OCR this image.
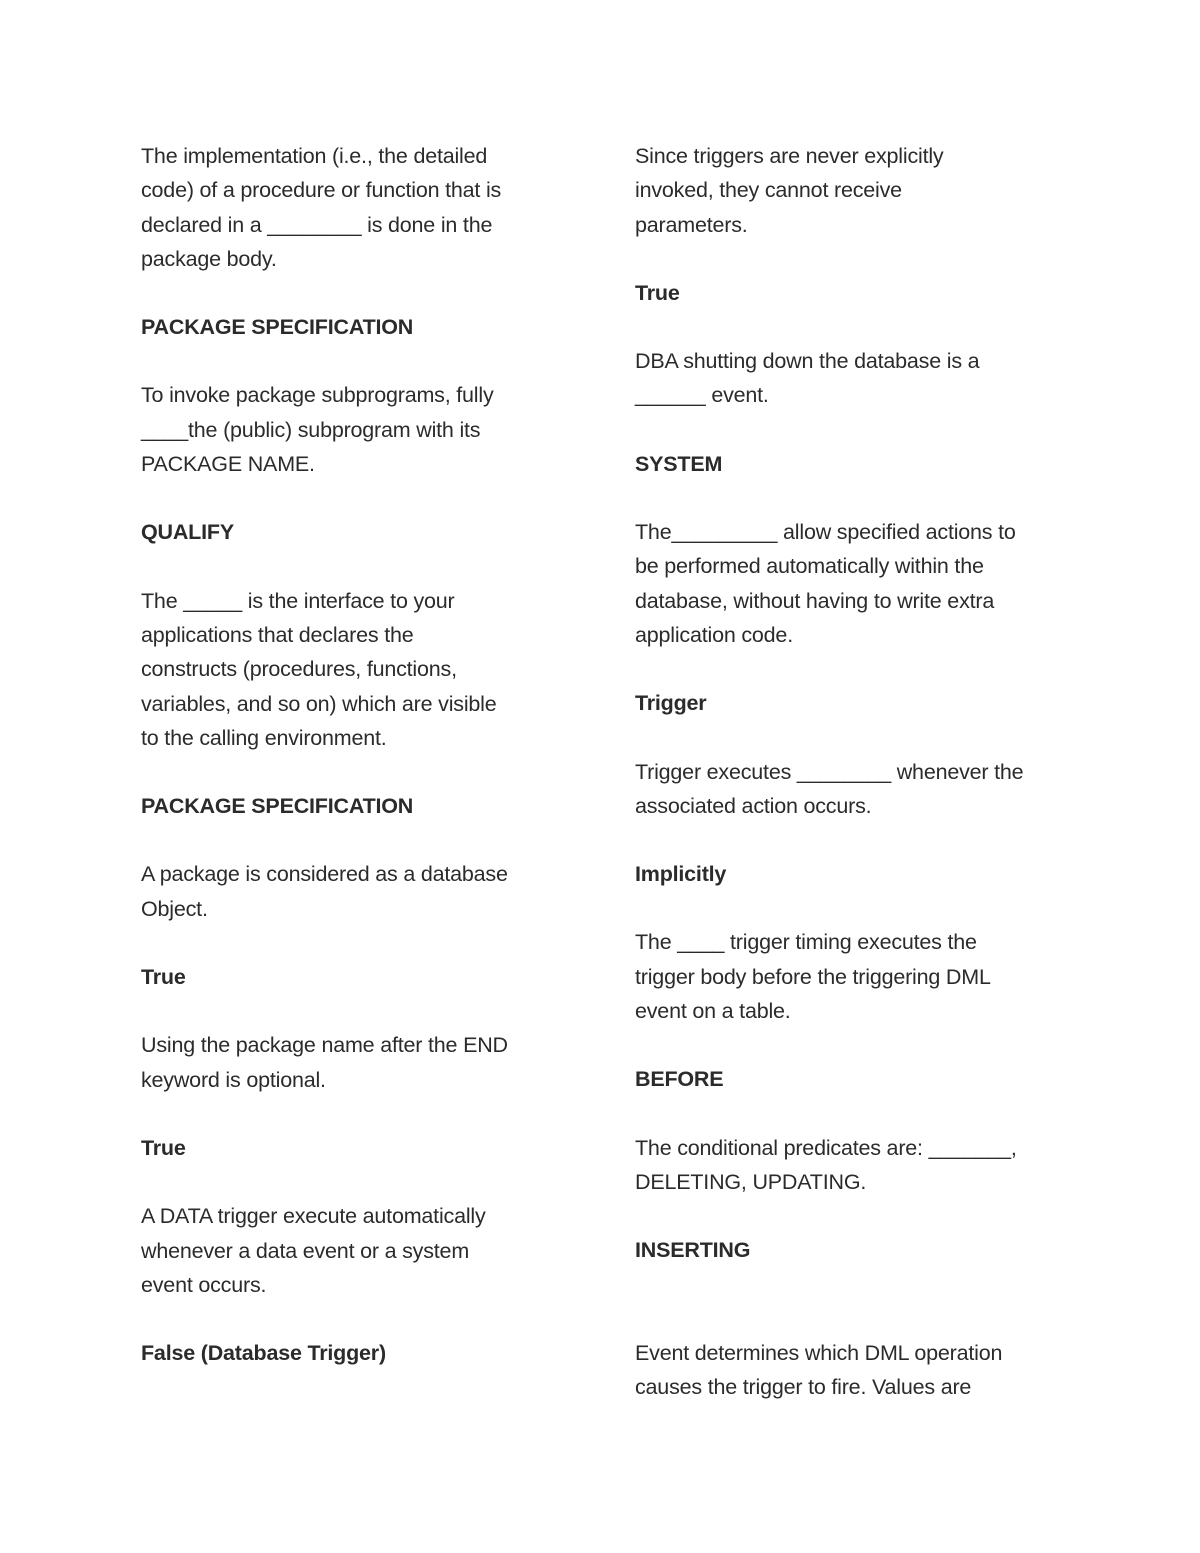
The implementation (i.e., the detailed
code) of a procedure or function that is
declared in a ________ is done in the
package body.

PACKAGE SPECIFICATION

To invoke package subprograms, fully
____the (public) subprogram with its
PACKAGE NAME.

QUALIFY

The _____ is the interface to your
applications that declares the
constructs (procedures, functions,
variables, and so on) which are visible
to the calling environment.

PACKAGE SPECIFICATION

A package is considered as a database
Object.

True

Using the package name after the END
keyword is optional.

True

A DATA trigger execute automatically
whenever a data event or a system
event occurs.

False (Database Trigger)

Since triggers are never explicitly
invoked, they cannot receive
parameters.

True

DBA shutting down the database is a
______ event.

SYSTEM

The_________ allow specified actions to
be performed automatically within the
database, without having to write extra
application code.

Trigger

Trigger executes ________ whenever the
associated action occurs.

Implicitly

The ____ trigger timing executes the
trigger body before the triggering DML
event on a table.

BEFORE

The conditional predicates are: _______,
DELETING, UPDATING.

INSERTING

Event determines which DML operation
causes the trigger to fire. Values are
